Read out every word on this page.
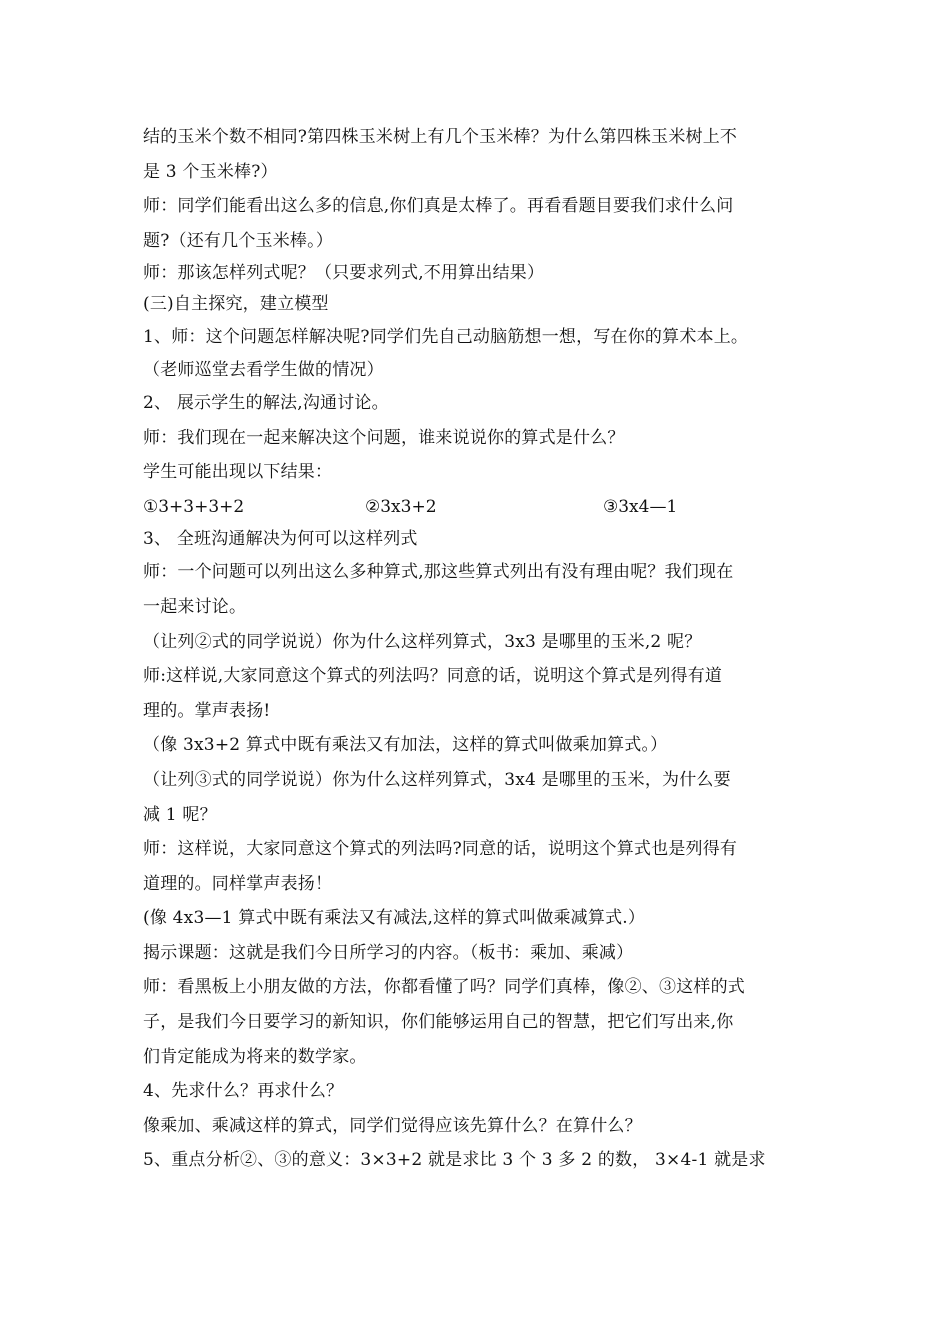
结的玉米个数不相同?第四株玉米树上有几个玉米棒？为什么第四株玉米树上不
是 3 个玉米棒?）
师：同学们能看出这么多的信息,你们真是太棒了。再看看题目要我们求什么问
题?（还有几个玉米棒。）
师：那该怎样列式呢？（只要求列式,不用算出结果）
(三)自主探究，建立模型
1、师：这个问题怎样解决呢?同学们先自己动脑筋想一想，写在你的算术本上。
（老师巡堂去看学生做的情况）
2、 展示学生的解法,沟通讨论。
师：我们现在一起来解决这个问题，谁来说说你的算式是什么？
学生可能出现以下结果：
①3+3+3+2	②3x3+2	③3x4—1
3、 全班沟通解决为何可以这样列式
师：一个问题可以列出这么多种算式,那这些算式列出有没有理由呢？我们现在
一起来讨论。
（让列②式的同学说说）你为什么这样列算式，3x3 是哪里的玉米,2 呢？
师:这样说,大家同意这个算式的列法吗？同意的话，说明这个算式是列得有道
理的。掌声表扬!
（像 3x3+2 算式中既有乘法又有加法，这样的算式叫做乘加算式。）
（让列③式的同学说说）你为什么这样列算式，3x4 是哪里的玉米，为什么要
减 1 呢？
师：这样说，大家同意这个算式的列法吗?同意的话，说明这个算式也是列得有
道理的。同样掌声表扬！
(像 4x3—1 算式中既有乘法又有减法,这样的算式叫做乘减算式.）
揭示课题：这就是我们今日所学习的内容。（板书：乘加、乘减）
师：看黑板上小朋友做的方法，你都看懂了吗？同学们真棒，像②、③这样的式
子，是我们今日要学习的新知识，你们能够运用自己的智慧，把它们写出来,你
们肯定能成为将来的数学家。
4、先求什么？再求什么？
像乘加、乘减这样的算式，同学们觉得应该先算什么？在算什么？
5、重点分析②、③的意义：3×3+2 就是求比 3 个 3 多 2 的数， 3×4-1 就是求
